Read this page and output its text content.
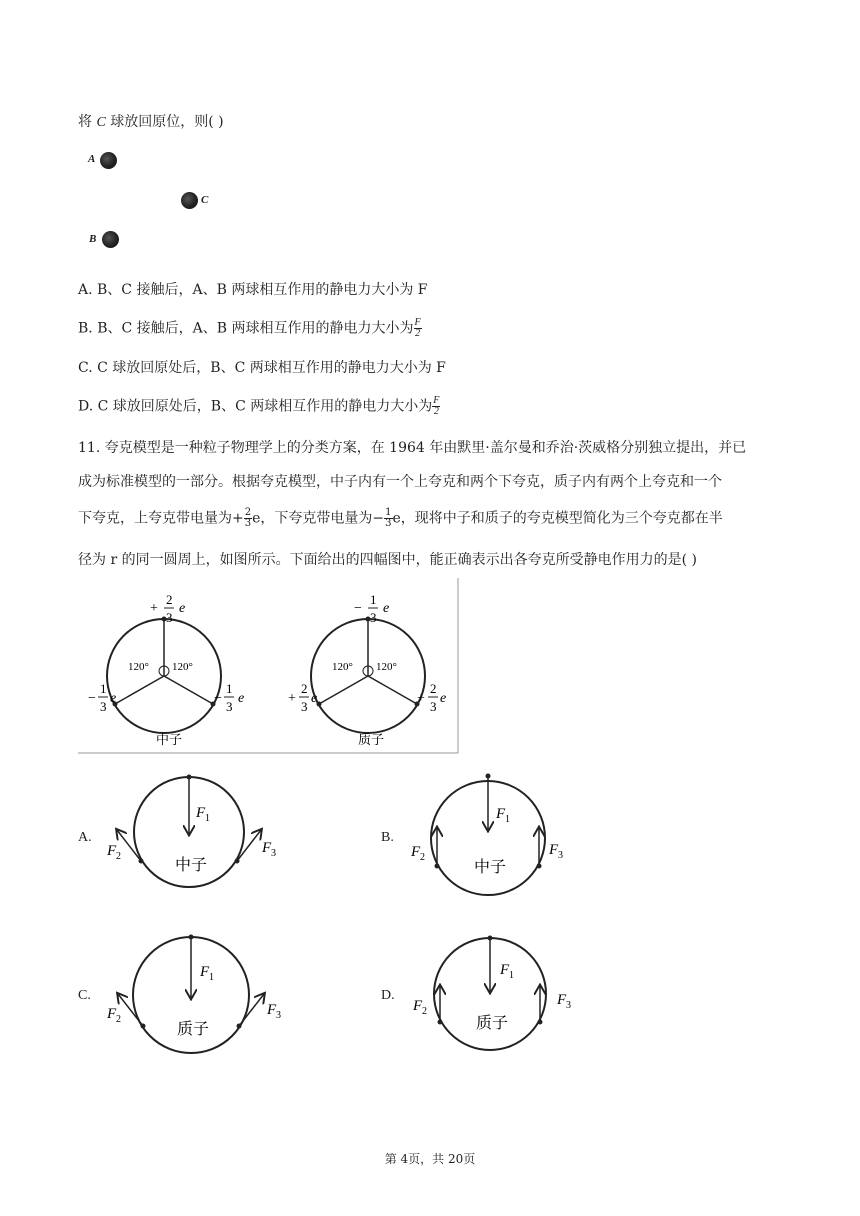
将 C 球放回原位，则( )
A
C
B
A. B、C 接触后，A、B 两球相互作用的静电力大小为 F
B. B、C 接触后，A、B 两球相互作用的静电力大小为 $\frac{F}{2}$
C. C 球放回原处后，B、C 两球相互作用的静电力大小为 F
D. C 球放回原处后，B、C 两球相互作用的静电力大小为 $\frac{F}{2}$
11. 夸克模型是一种粒子物理学上的分类方案，在 1964 年由默里·盖尔曼和乔治·茨威格分别独立提出，并已
成为标准模型的一部分。根据夸克模型，中子内有一个上夸克和两个下夸克，质子内有两个上夸克和一个
下夸克，上夸克带电量为+ $\frac{2}{3}$ e，下夸克带电量为− $\frac{1}{3}$ e，现将中子和质子的夸克模型简化为三个夸克都在半
径为 r 的同一圆周上，如图所示。下面给出的四幅图中，能正确表示出各夸克所受静电作用力的是( )
120° 120°
+
2
3
e
−
1
3
e	−
1
3
e
中子
120° 120°
−
1
3
e
+
2
3
e	+
2
3
e
质子
A.
F 1
F 2
F 3
中子
B.
F 1
F 2	F 3
中子
C.
F 1
F 2
F 3
质子
D.
F 1
F 2
F 3
质子
第 4页，共 20页
